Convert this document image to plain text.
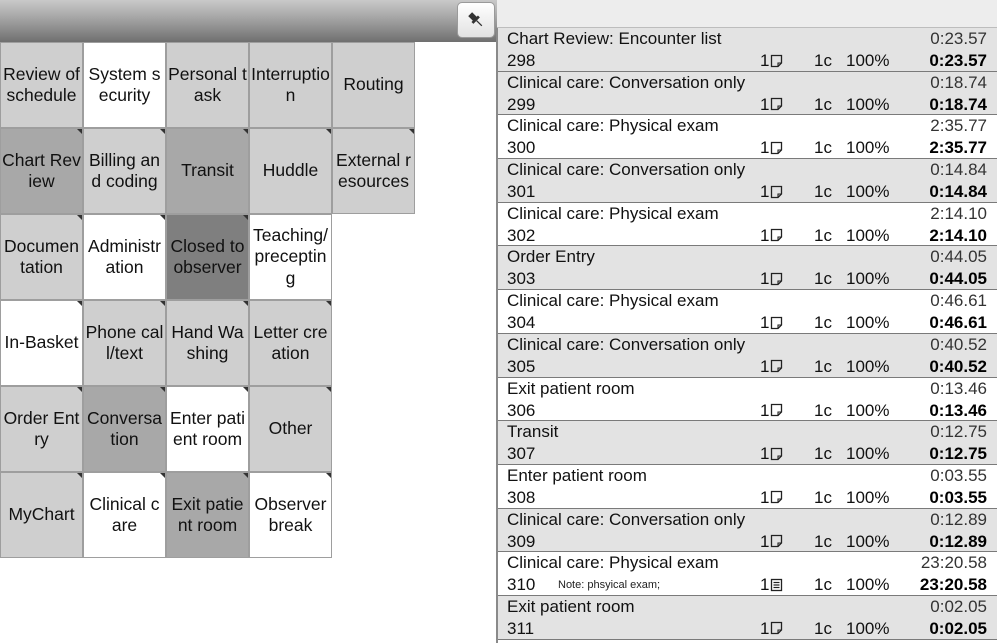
Review of schedule
System security
Personal task
Interruption
Routing
Chart Review
Billing and coding
Transit Huddle
External resources
Documentation
Administration
Closed to observer
Teaching/precepting
In-Basket
Phone call/text
Hand Washing
Letter creation
Order Entry
Conversation
Enter patient room
Other
MyChart
Clinical care
Exit patient room
Observer break
Chart Review: Encounter list	0:23.57
298	1	1c 100% 0:23.57
Clinical care: Conversation only	0:18.74
299	1	1c 100% 0:18.74
Clinical care: Physical exam	2:35.77
300	1	1c 100% 2:35.77
Clinical care: Conversation only	0:14.84
301	1	1c 100% 0:14.84
Clinical care: Physical exam	2:14.10
302	1	1c 100% 2:14.10
Order Entry	0:44.05
303	1	1c 100% 0:44.05
Clinical care: Physical exam	0:46.61
304	1	1c 100% 0:46.61
Clinical care: Conversation only	0:40.52
305	1	1c 100% 0:40.52
Exit patient room	0:13.46
306	1	1c 100% 0:13.46
Transit	0:12.75
307	1	1c 100% 0:12.75
Enter patient room	0:03.55
308	1	1c 100% 0:03.55
Clinical care: Conversation only	0:12.89
309	1	1c 100% 0:12.89
Clinical care: Physical exam	23:20.58
310 Note: phsyical exam;	1	1c 100% 23:20.58
Exit patient room	0:02.05
311	1	1c 100% 0:02.05
